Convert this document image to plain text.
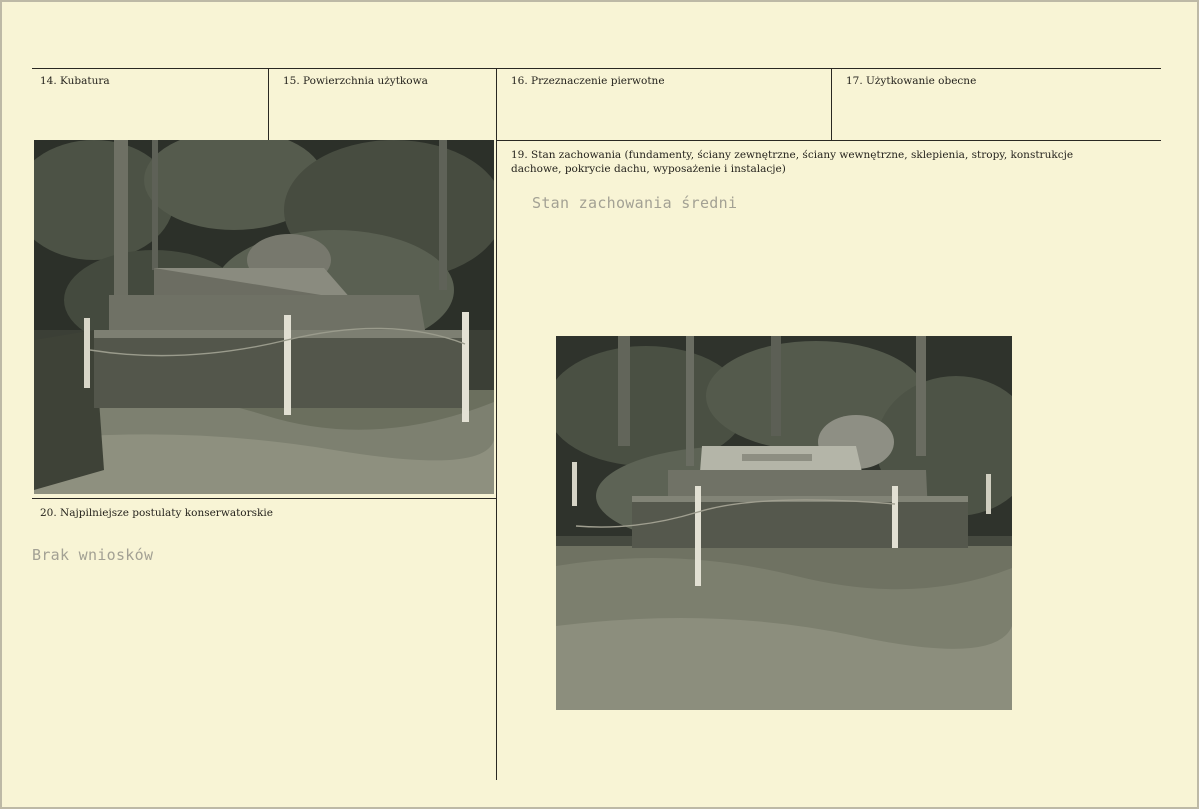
14. Kubatura	15. Powierzchnia użytkowa	16. Przeznaczenie pierwotne	17. Użytkowanie obecne
19. Stan zachowania (fundamenty, ściany zewnętrzne, ściany wewnętrzne, sklepienia, stropy, konstrukcje dachowe, pokrycie dachu, wyposażenie i instalacje)
Stan zachowania średni
20. Najpilniejsze postulaty konserwatorskie
Brak wniosków
